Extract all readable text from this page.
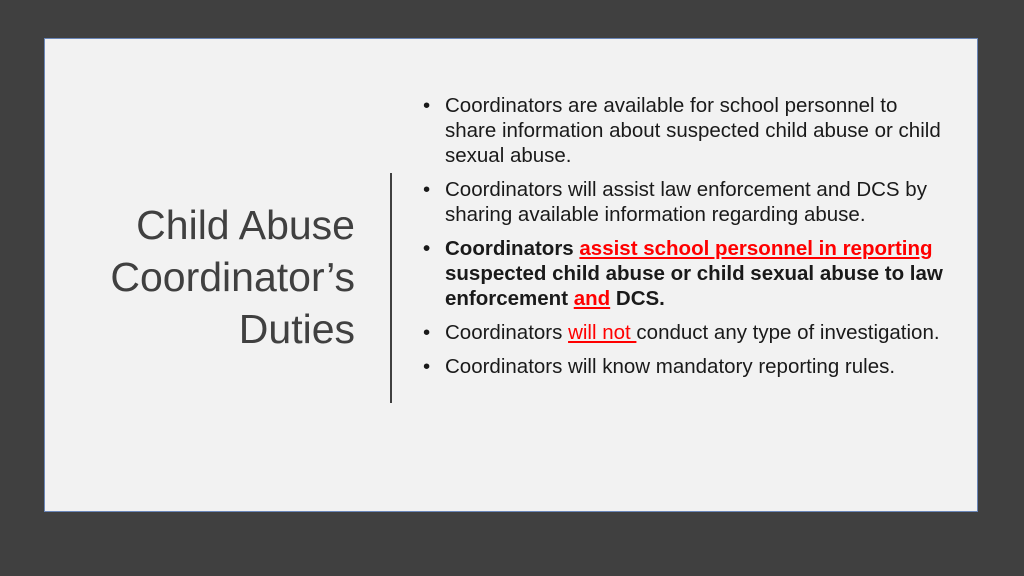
Child Abuse
Coordinator’s
Duties
• Coordinators are available for school personnel to share information about suspected child abuse or child sexual abuse.
• Coordinators will assist law enforcement and DCS by sharing available information regarding abuse.
• Coordinators assist school personnel in reporting suspected child abuse or child sexual abuse to law enforcement and DCS.
• Coordinators will not conduct any type of investigation.
• Coordinators will know mandatory reporting rules.
